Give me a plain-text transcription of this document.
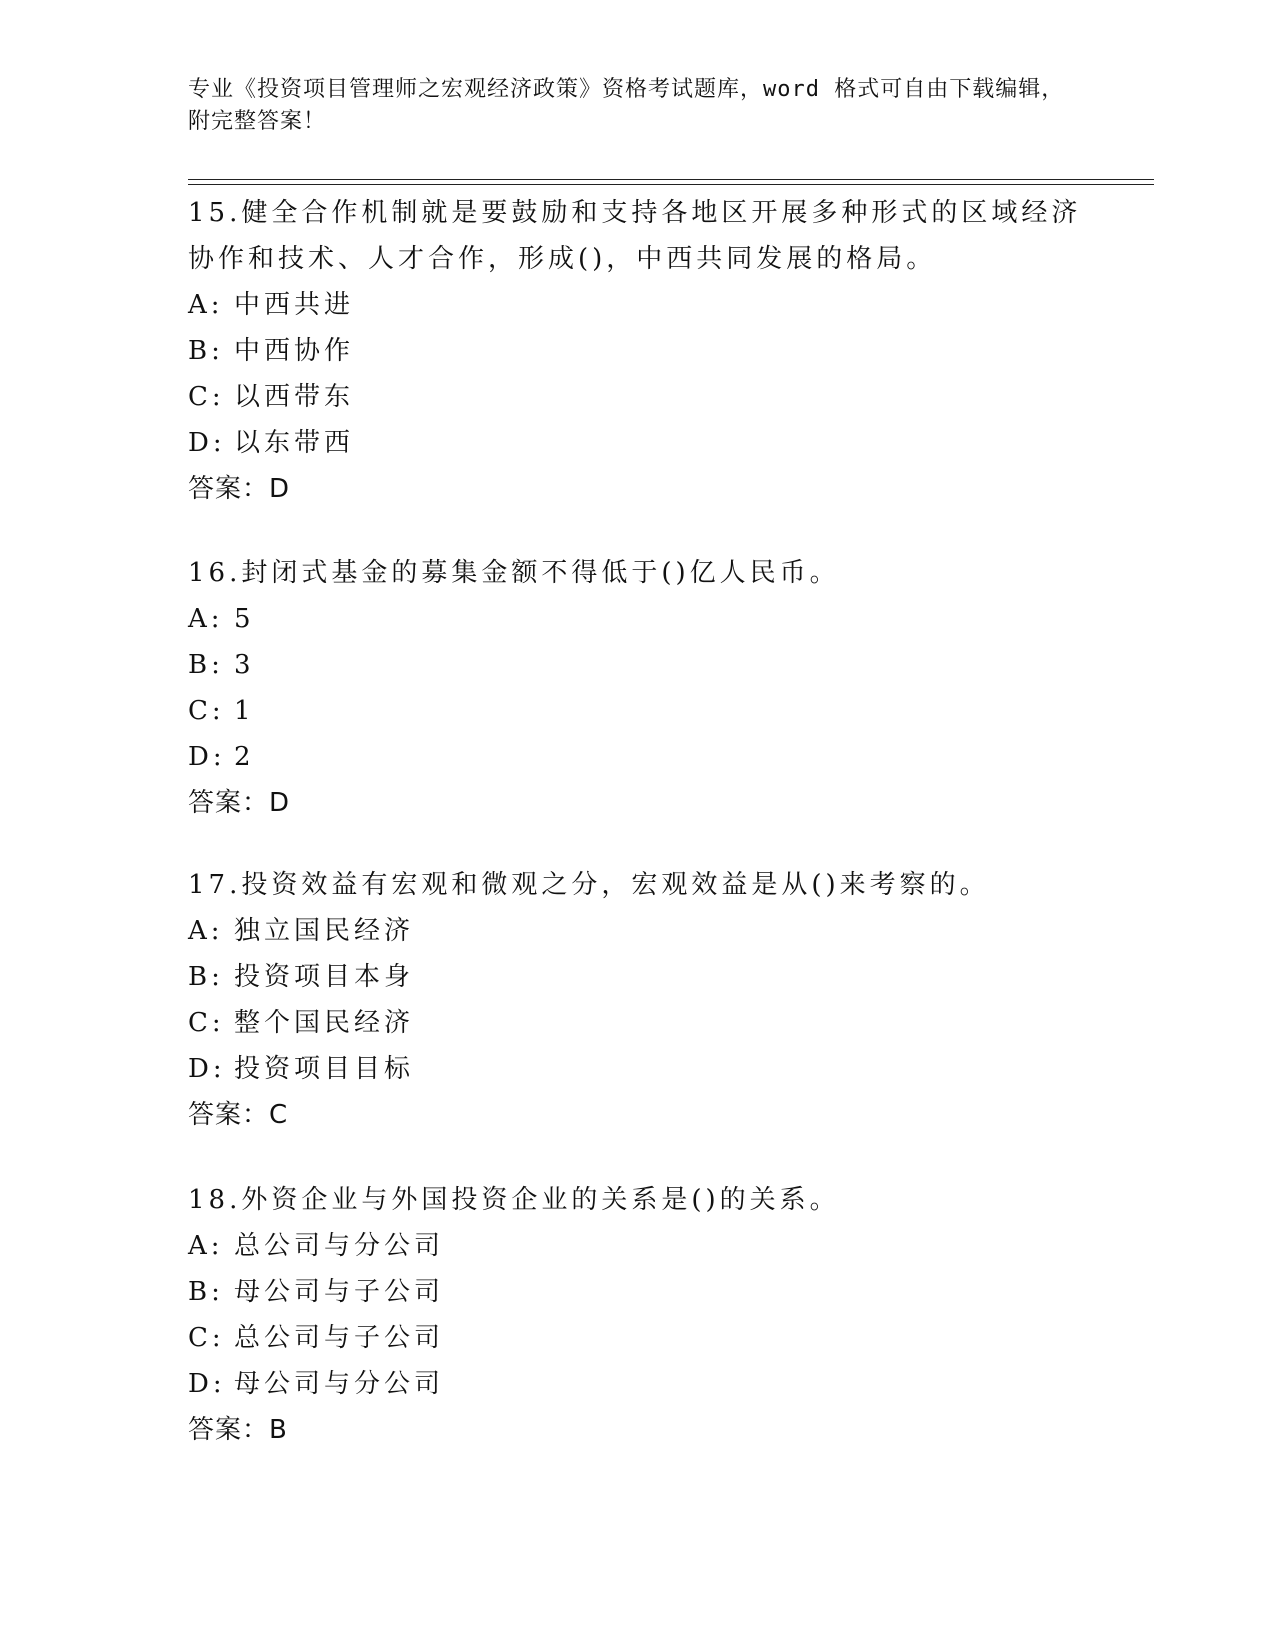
专业《投资项目管理师之宏观经济政策》资格考试题库，word 格式可自由下载编辑，附完整答案！
15.健全合作机制就是要鼓励和支持各地区开展多种形式的区域经济协作和技术、人才合作，形成()，中西共同发展的格局。
A: 中西共进
B: 中西协作
C: 以西带东
D: 以东带西
答案：D
16.封闭式基金的募集金额不得低于()亿人民币。
A: 5
B: 3
C: 1
D: 2
答案：D
17.投资效益有宏观和微观之分，宏观效益是从()来考察的。
A: 独立国民经济
B: 投资项目本身
C: 整个国民经济
D: 投资项目目标
答案：C
18.外资企业与外国投资企业的关系是()的关系。
A: 总公司与分公司
B: 母公司与子公司
C: 总公司与子公司
D: 母公司与分公司
答案：B
